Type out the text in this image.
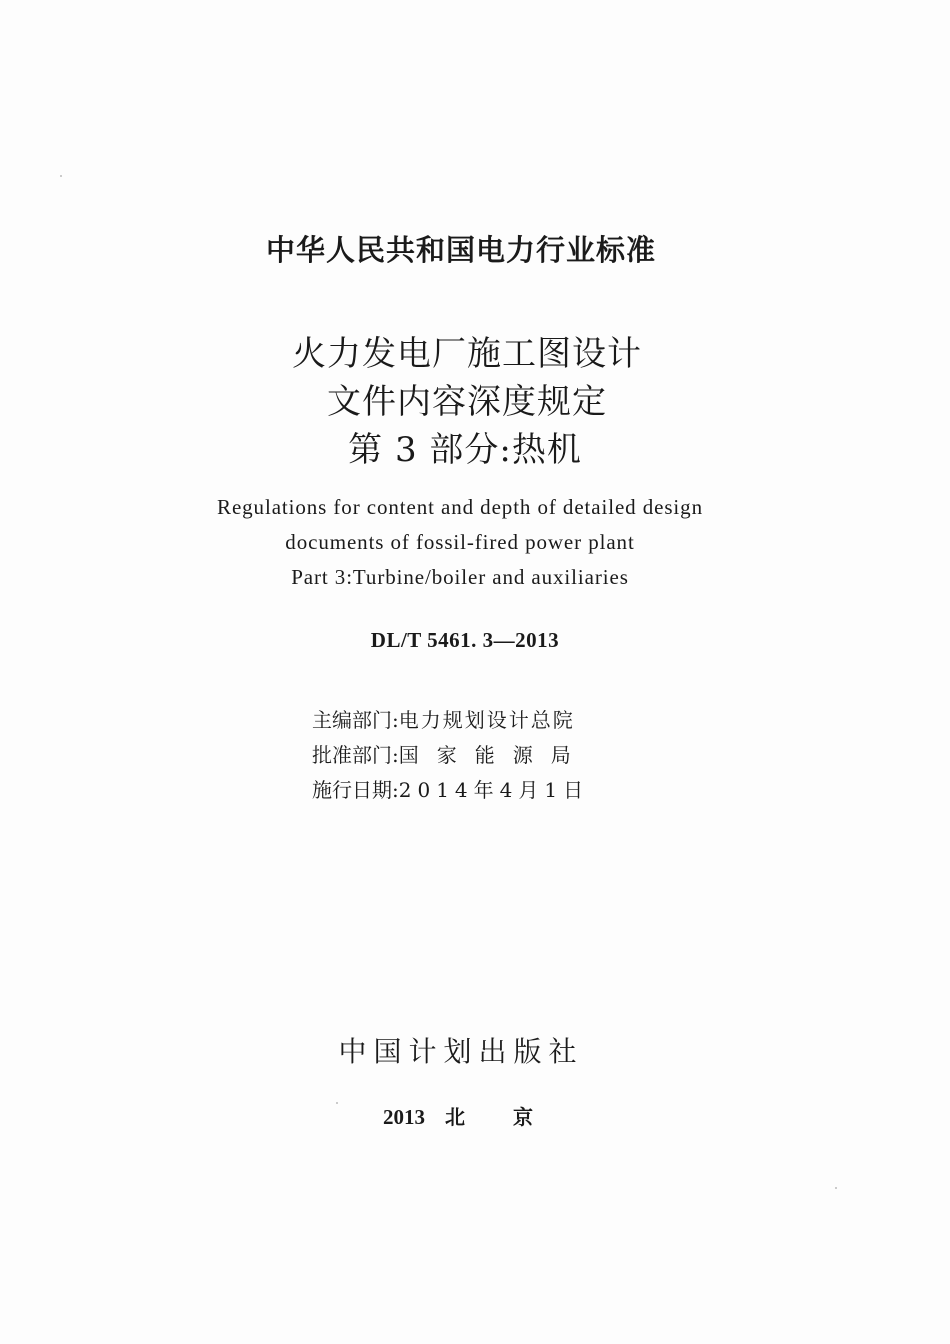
中华人民共和国电力行业标准
火力发电厂施工图设计
文件内容深度规定
第 3 部分:热机
Regulations for content and depth of detailed design
documents of fossil-fired power plant
Part 3:Turbine/boiler and auxiliaries
DL/T 5461. 3—2013
主编部门:电力规划设计总院
批准部门:国家能源局
施行日期:2014年4月1日
中国计划出版社
2013 北京
